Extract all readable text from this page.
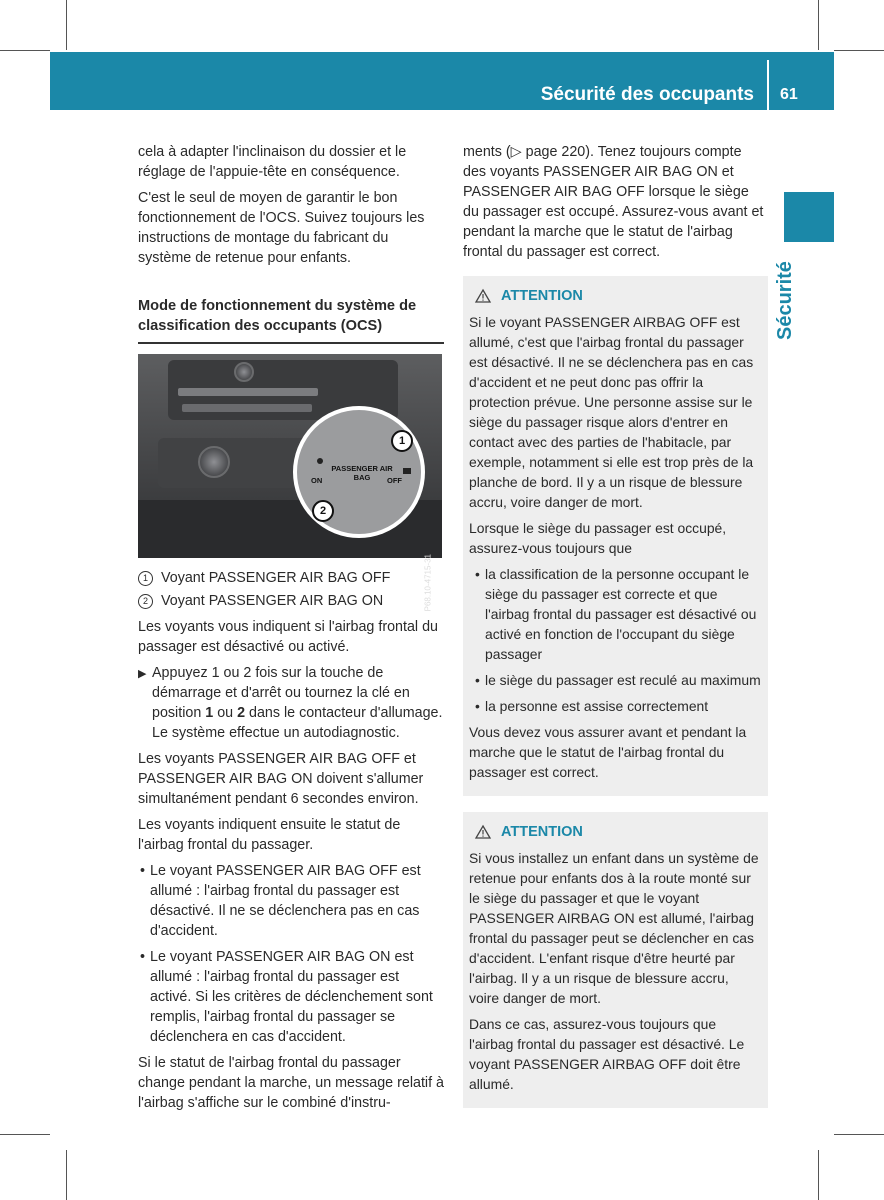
Sécurité des occupants 61
Sécurité

cela à adapter l'inclinaison du dossier et le réglage de l'appuie-tête en conséquence.

C'est le seul de moyen de garantir le bon fonctionnement de l'OCS. Suivez toujours les instructions de montage du fabricant du système de retenue pour enfants.

Mode de fonctionnement du système de classification des occupants (OCS)
PASSENGER AIR BAG
ON	OFF
1
2
P68.10-4715-31
1 Voyant PASSENGER AIR BAG OFF
2 Voyant PASSENGER AIR BAG ON

Les voyants vous indiquent si l'airbag frontal du passager est désactivé ou activé.

▶ Appuyez 1 ou 2 fois sur la touche de démarrage et d'arrêt ou tournez la clé en position 1 ou 2 dans le contacteur d'allumage.
Le système effectue un autodiagnostic.

Les voyants PASSENGER AIR BAG OFF et PASSENGER AIR BAG ON doivent s'allumer simultanément pendant 6 secondes environ.

Les voyants indiquent ensuite le statut de l'airbag frontal du passager.

• Le voyant PASSENGER AIR BAG OFF est allumé : l'airbag frontal du passager est désactivé. Il ne se déclenchera pas en cas d'accident.
• Le voyant PASSENGER AIR BAG ON est allumé : l'airbag frontal du passager est activé. Si les critères de déclenchement sont remplis, l'airbag frontal du passager se déclenchera en cas d'accident.

Si le statut de l'airbag frontal du passager change pendant la marche, un message relatif à l'airbag s'affiche sur le combiné d'instru-

ments (▷ page 220). Tenez toujours compte des voyants PASSENGER AIR BAG ON et PASSENGER AIR BAG OFF lorsque le siège du passager est occupé. Assurez-vous avant et pendant la marche que le statut de l'airbag frontal du passager est correct.

ATTENTION

Si le voyant PASSENGER AIRBAG OFF est allumé, c'est que l'airbag frontal du passager est désactivé. Il ne se déclenchera pas en cas d'accident et ne peut donc pas offrir la protection prévue. Une personne assise sur le siège du passager risque alors d'entrer en contact avec des parties de l'habitacle, par exemple, notamment si elle est trop près de la planche de bord. Il y a un risque de blessure accru, voire danger de mort.

Lorsque le siège du passager est occupé, assurez-vous toujours que

• la classification de la personne occupant le siège du passager est correcte et que l'airbag frontal du passager est désactivé ou activé en fonction de l'occupant du siège passager
• le siège du passager est reculé au maximum
• la personne est assise correctement

Vous devez vous assurer avant et pendant la marche que le statut de l'airbag frontal du passager est correct.

ATTENTION

Si vous installez un enfant dans un système de retenue pour enfants dos à la route monté sur le siège du passager et que le voyant PASSENGER AIRBAG ON est allumé, l'airbag frontal du passager peut se déclencher en cas d'accident. L'enfant risque d'être heurté par l'airbag. Il y a un risque de blessure accru, voire danger de mort.

Dans ce cas, assurez-vous toujours que l'airbag frontal du passager est désactivé. Le voyant PASSENGER AIRBAG OFF doit être allumé.
